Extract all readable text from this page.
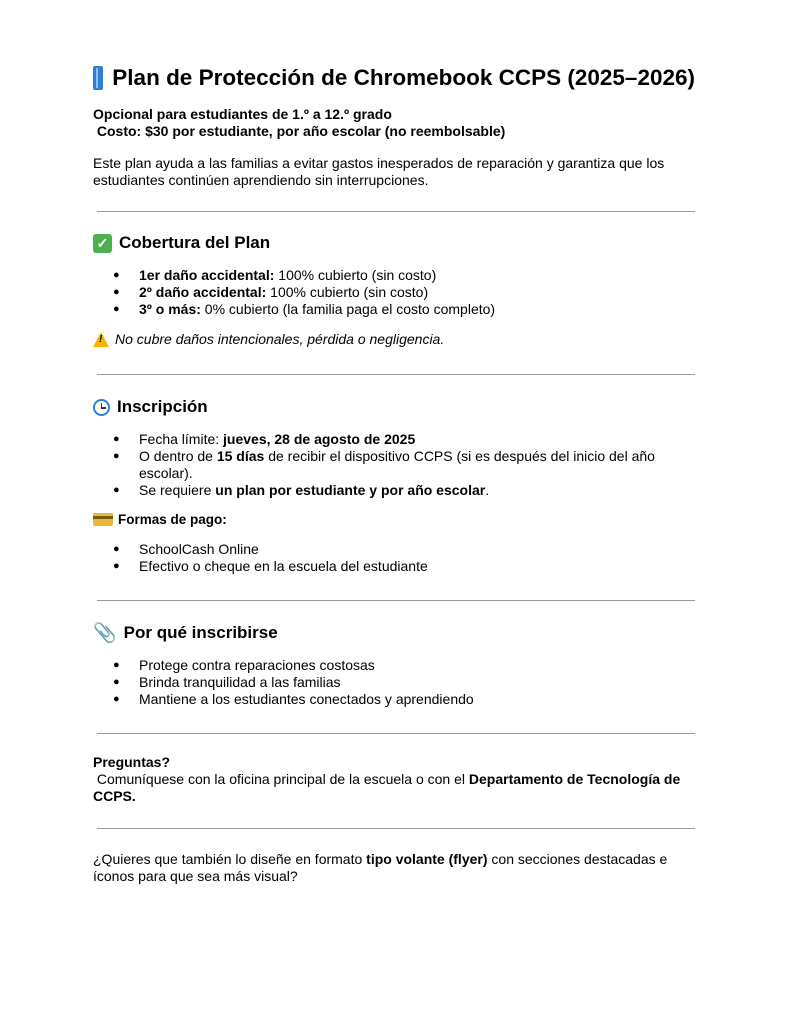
Plan de Protección de Chromebook CCPS (2025–2026)
Opcional para estudiantes de 1.º a 12.º grado
Costo: $30 por estudiante, por año escolar (no reembolsable)

Este plan ayuda a las familias a evitar gastos inesperados de reparación y garantiza que los estudiantes continúen aprendiendo sin interrupciones.

✓ Cobertura del Plan
● 1er daño accidental: 100% cubierto (sin costo)
● 2º daño accidental: 100% cubierto (sin costo)
● 3º o más: 0% cubierto (la familia paga el costo completo)
! No cubre daños intencionales, pérdida o negligencia.
Inscripción
● Fecha límite: jueves, 28 de agosto de 2025
● O dentro de 15 días de recibir el dispositivo CCPS (si es después del inicio del año escolar).
● Se requiere un plan por estudiante y por año escolar.
Formas de pago:
● SchoolCash Online
● Efectivo o cheque en la escuela del estudiante
📎 Por qué inscribirse
● Protege contra reparaciones costosas
● Brinda tranquilidad a las familias
● Mantiene a los estudiantes conectados y aprendiendo

Preguntas?

Comuníquese con la oficina principal de la escuela o con el Departamento de Tecnología de CCPS.

¿Quieres que también lo diseñe en formato tipo volante (flyer) con secciones destacadas e íconos para que sea más visual?
